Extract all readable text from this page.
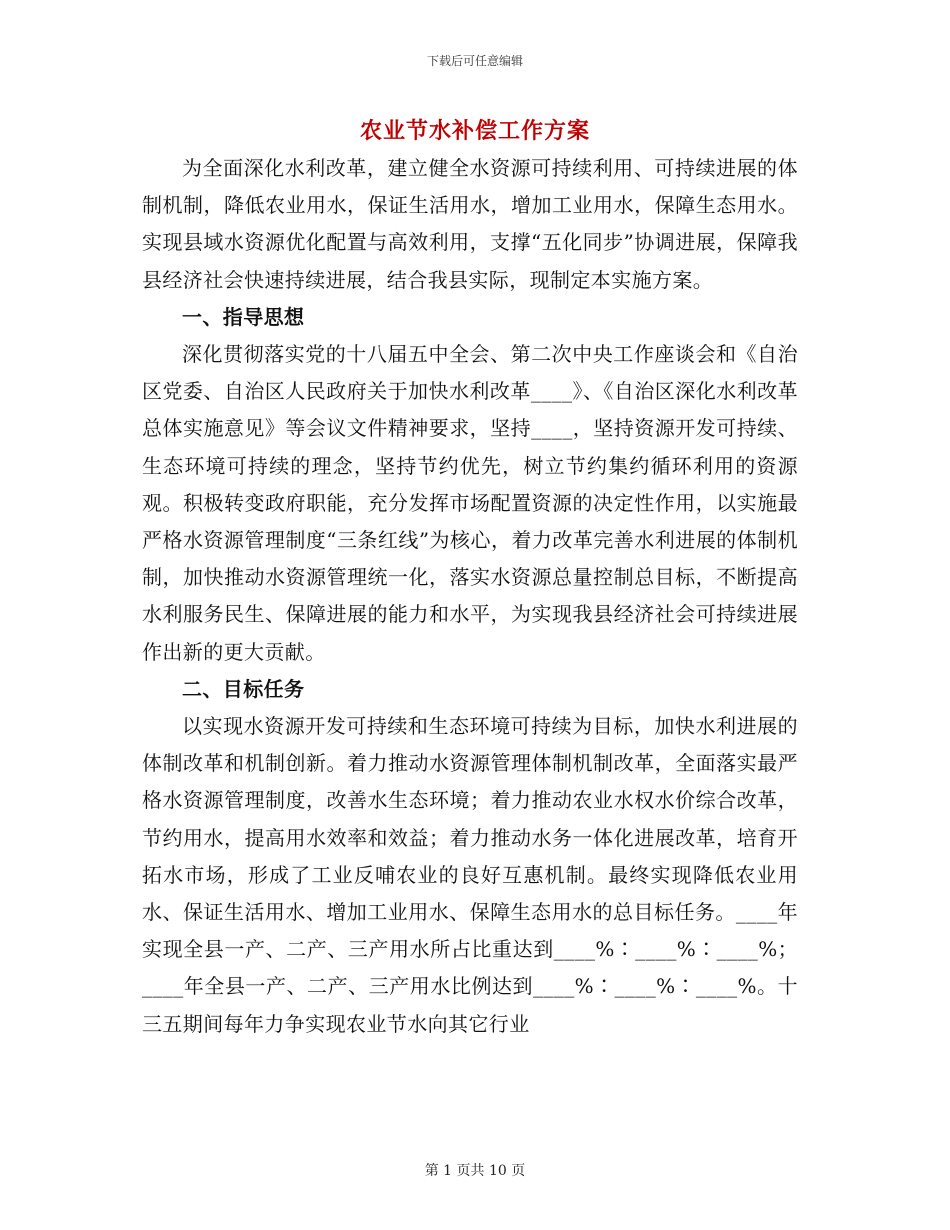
下载后可任意编辑
农业节水补偿工作方案

为全面深化水利改革，建立健全水资源可持续利用、可持续进展的体制机制，降低农业用水，保证生活用水，增加工业用水，保障生态用水。实现县域水资源优化配置与高效利用，支撑“五化同步”协调进展，保障我县经济社会快速持续进展，结合我县实际，现制定本实施方案。

一、指导思想

深化贯彻落实党的十八届五中全会、第二次中央工作座谈会和《自治区党委、自治区人民政府关于加快水利改革____》、《自治区深化水利改革总体实施意见》等会议文件精神要求，坚持____，坚持资源开发可持续、生态环境可持续的理念，坚持节约优先，树立节约集约循环利用的资源观。积极转变政府职能，充分发挥市场配置资源的决定性作用，以实施最严格水资源管理制度“三条红线”为核心，着力改革完善水利进展的体制机制，加快推动水资源管理统一化，落实水资源总量控制总目标，不断提高水利服务民生、保障进展的能力和水平，为实现我县经济社会可持续进展作出新的更大贡献。

二、目标任务

以实现水资源开发可持续和生态环境可持续为目标，加快水利进展的体制改革和机制创新。着力推动水资源管理体制机制改革，全面落实最严格水资源管理制度，改善水生态环境；着力推动农业水权水价综合改革，节约用水，提高用水效率和效益；着力推动水务一体化进展改革，培育开拓水市场，形成了工业反哺农业的良好互惠机制。最终实现降低农业用水、保证生活用水、增加工业用水、保障生态用水的总目标任务。____年实现全县一产、二产、三产用水所占比重达到____%∶____%∶____%；____年全县一产、二产、三产用水比例达到____%∶____%∶____%。十三五期间每年力争实现农业节水向其它行业

第 1 页共 10 页
